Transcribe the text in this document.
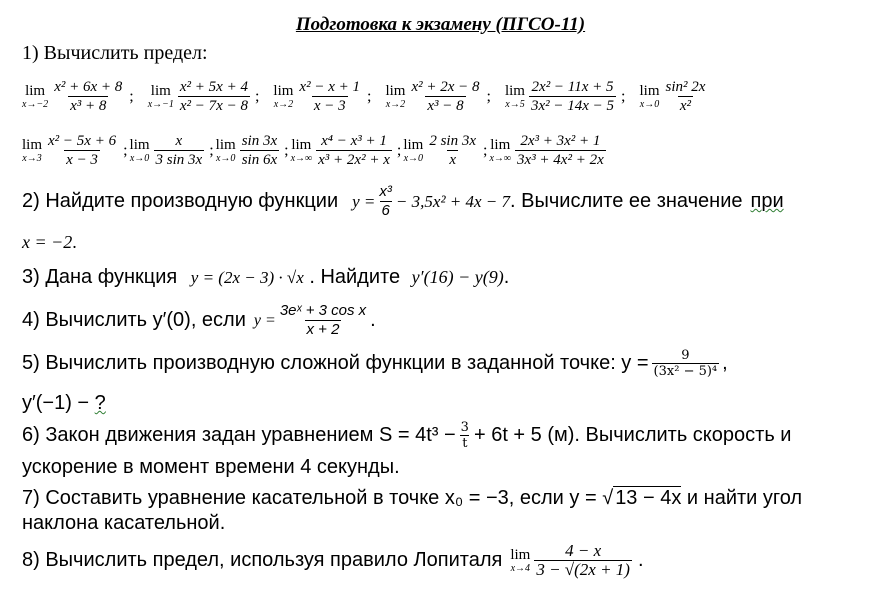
Подготовка к экзамену (ПГСО-11)
1) Вычислить предел:
lim
$x\to-2 \frac{\text{x² + 6x + 8}}{\text{x³ + 8}}$ ; lim
$x\to-1 \frac{\text{x² + 5x + 4}}{\text{x² − 7x − 8}}$ ; lim
$x\to 2 \frac{\text{x² − x + 1}}{x - 3}$ ; lim
$x\to 2 \frac{\text{x² + 2x − 8}}{\text{x³ − 8}}$ ; lim
$x\to 5 \frac{\text{2x² − 11x + 5}}{\text{3x² − 14x − 5}}$ ; lim
$x\to 0 \frac{\text{sin² 2x}}{\text{x²}}$
lim
$x\to 3 \frac{\text{x² − 5x + 6}}{x - 3}$ ; lim
$x\to 0 \frac{x}{3 \sin 3x}$ ; lim
$x\to 0 \frac{\sin 3x}{\sin 6x}$ ; lim
$x\to\infty \frac{\text{x⁴ − x³ + 1}}{\text{x³ + 2x² + x}}$ ; lim
$x\to 0 \frac{2 \sin 3x}{x}$ ; lim
$x\to\infty \frac{\text{2x³ + 3x² + 1}}{\text{3x³ + 4x² + 2x}}$
2) Найдите производную функции $y = \frac{\text{x³}}{6} - 3,5x^2 + 4x - 7$ . Вычислите ее значение при
x = −2.
3) Дана функция y = (2x − 3) · √x . Найдите y′(16) − y(9).
4) Вычислить y′(0), если $y = \frac{\text{3eˣ + 3 cos x}}{x + 2}$ .
5) Вычислить производную сложной функции в заданной точке: $y = \frac{9}{\text{(3x² − 5)⁴}}$ ,
y′(−1) − ?
6) Закон движения задан уравнением $S = 4t^3 - \frac{3}{t} + 6t + 5$ (м). Вычислить скорость и
ускорение в момент времени 4 секунды.
7) Составить уравнение касательной в точке x₀ = −3, если y = √ 13 − 4x и найти угол
наклона касательной.
8) Вычислить предел, используя правило Лопиталя lim
$x\to 4 \frac{4 - x}{3 - √(2x + 1)}$ .
